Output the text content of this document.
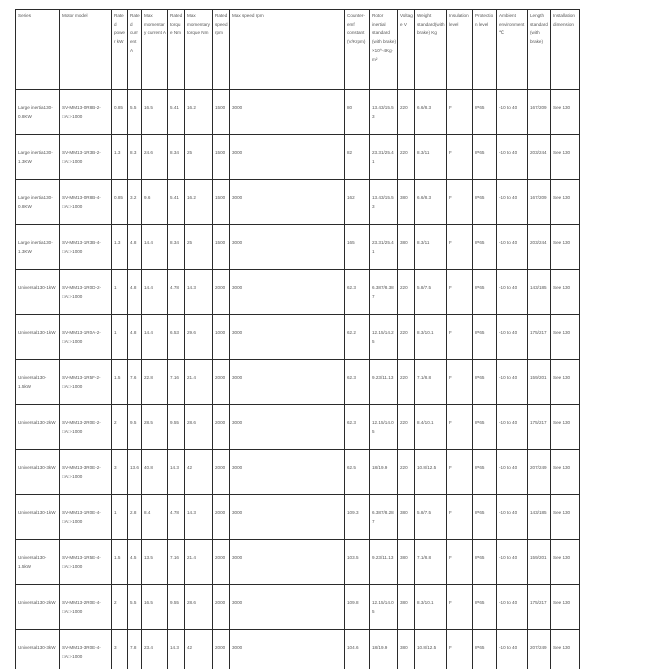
Series	Motor model	Rated power kW	Rated current A	Max momentary current A	Rated torque Nm	Max momentary torque Nm	Rated speed rpm	Max speed rpm	Counter-emf constant (V/Krpm)	Rotor inertial standard (with brake) ×10^-4Kg·m²	Voltage V	Weight standard(with brake) Kg	Insulation level	Protection level	Ambient environment ℃	Length standard (with brake)	Installation dimension
Large inertia130-0.8KW	SV-MM13-0R8B-2-□A□-1000	0.85	5.5	16.5	5.41	16.2	1500	3000	80	13.43/15.53	220	6.6/8.3	F	IP65	-10 to 40	167/209	See 130
Large inertia130-1.3KW	SV-MM13-1R3B-2-□A□-1000	1.3	8.3	24.6	8.34	25	1500	3000	82	23.31/25.41	220	8.3/11	F	IP65	-10 to 40	203/244	See 130
Large inertia130-0.8KW	SV-MM13-0R8B-4-□A□-1000	0.85	3.2	9.6	5.41	16.2	1500	3000	162	13.43/15.53	380	6.6/8.3	F	IP65	-10 to 40	167/209	See 130
Large inertia130-1.3KW	SV-MM13-1R3B-4-□A□-1000	1.3	4.8	14.4	8.34	25	1500	3000	165	23.31/25.41	380	8.3/11	F	IP65	-10 to 40	203/244	See 130
Universal130-1kW	SV-MM13-1R0D-2-□A□-1000	1	4.8	14.4	4.78	14.3	2000	3000	62.3	6.387/8.387	220	5.8/7.5	F	IP65	-10 to 40	143/185	See 130
Universal130-1kW	SV-MM13-1R0A-2-□A□-1000	1	4.8	14.4	6.53	29.6	1000	3000	62.2	12.15/14.25	220	8.3/10.1	F	IP65	-10 to 40	175/217	See 130
Universal130-1.5kW	SV-MM13-1R5F-2-□A□-1000	1.5	7.6	22.8	7.16	21.4	2000	3000	62.3	9.23/11.13	220	7.1/8.8	F	IP65	-10 to 40	159/201	See 130
Universal130-2kW	SV-MM13-2R0E-2-□A□-1000	2	9.5	28.5	9.55	28.6	2000	3000	62.3	12.15/14.05	220	8.4/10.1	F	IP65	-10 to 40	175/217	See 130
Universal130-3kW	SV-MM13-3R0E-2-□A□-1000	3	13.6	40.8	14.3	42	2000	3000	62.5	18/19.9	220	10.8/12.5	F	IP65	-10 to 40	207/249	See 130
Universal130-1kW	SV-MM13-1R0E-4-□A□-1000	1	2.8	8.4	4.78	14.3	2000	3000	109.3	6.387/8.287	380	5.8/7.5	F	IP65	-10 to 40	143/185	See 130
Universal130-1.5kW	SV-MM13-1R5E-4-□A□-1000	1.5	4.5	13.5	7.16	21.4	2000	3000	103.5	9.23/11.13	380	7.1/8.8	F	IP65	-10 to 40	159/201	See 130
Universal130-2kW	SV-MM13-2R0E-4-□A□-1000	2	5.5	16.5	9.55	28.6	2000	3000	109.8	12.15/14.05	380	8.3/10.1	F	IP65	-10 to 40	175/217	See 130
Universal130-3kW	SV-MM13-3R0E-4-□A□-1000	3	7.8	23.4	14.3	42	2000	3000	104.6	18/19.9	380	10.8/12.5	F	IP65	-10 to 40	207/249	See 130
